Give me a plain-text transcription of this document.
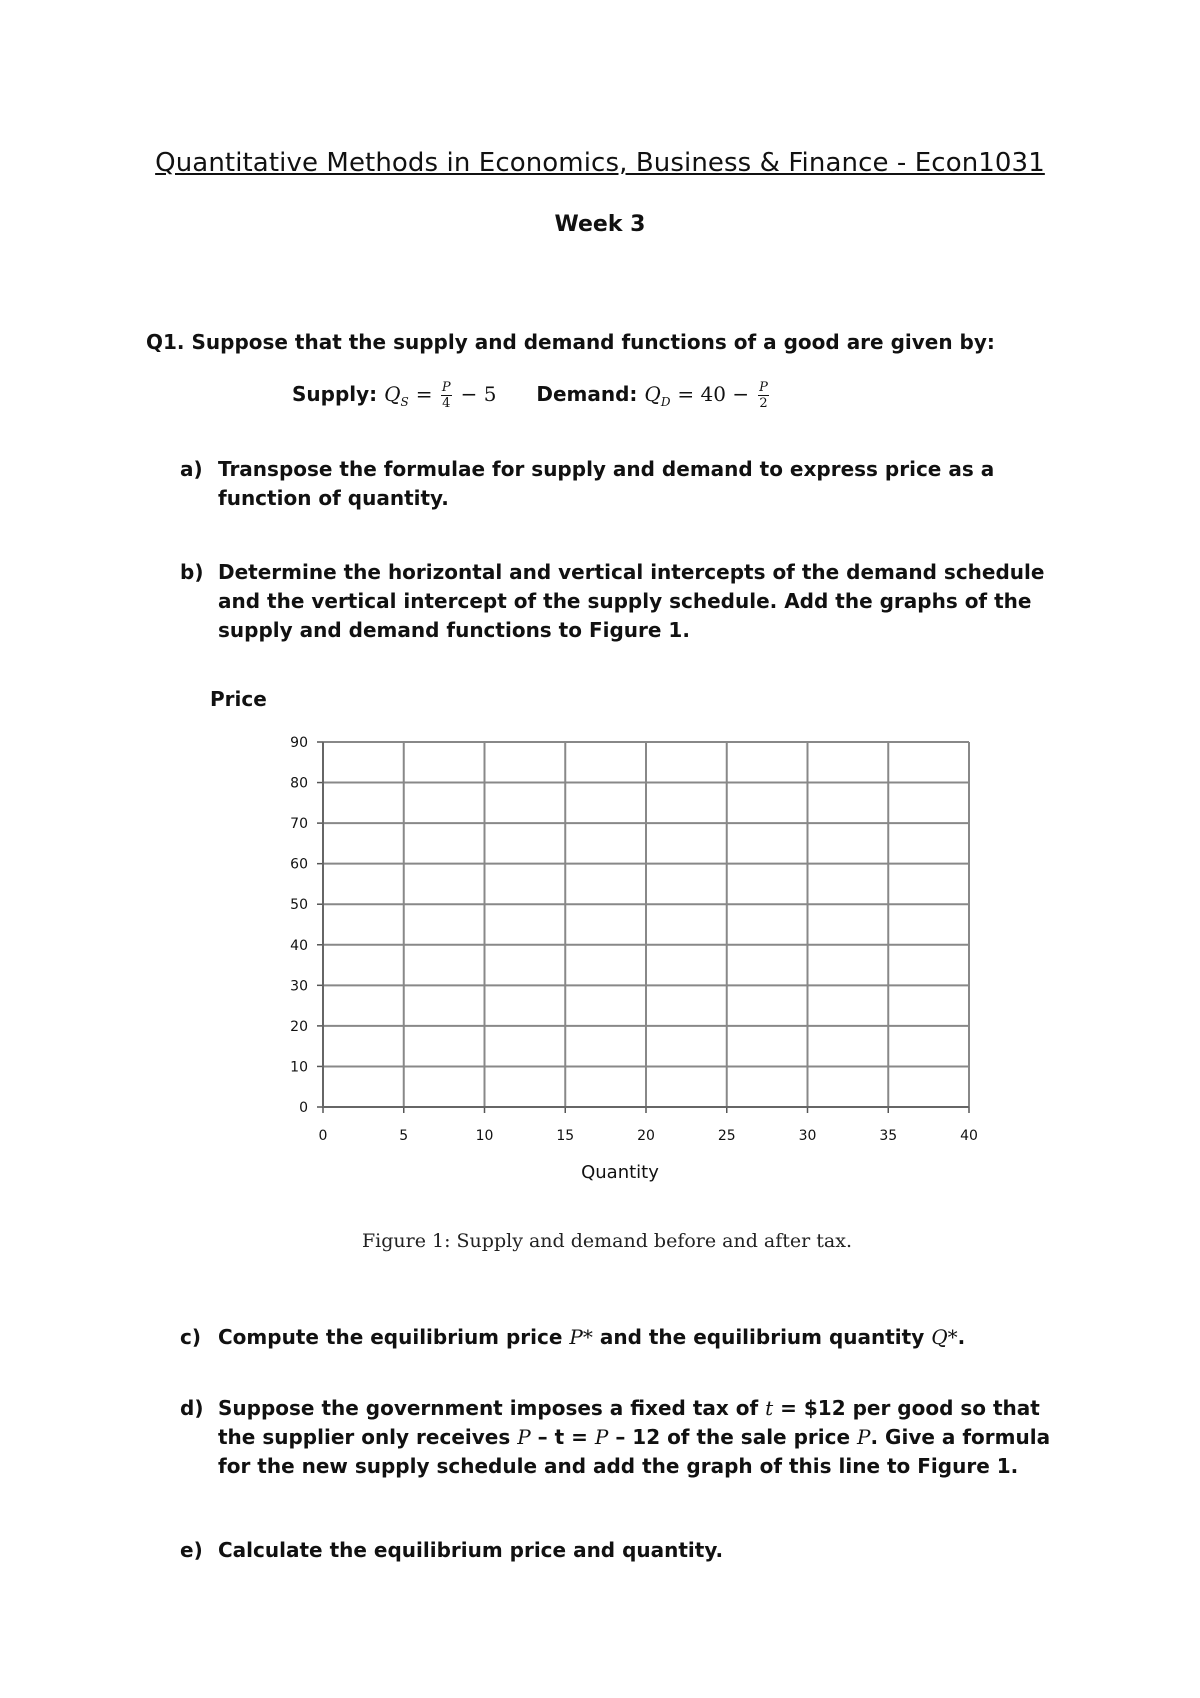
Quantitative Methods in Economics, Business & Finance - Econ1031
Week 3
Q1. Suppose that the supply and demand functions of a good are given by:
Supply: $Q_S = \frac{P}{4} - 5$ Demand: $Q_D = 40 - \frac{P}{2}$
a) Transpose the formulae for supply and demand to express price as a function of quantity.
b) Determine the horizontal and vertical intercepts of the demand schedule and the vertical intercept of the supply schedule. Add the graphs of the supply and demand functions to Figure 1.
Price
0
10
20
30
40
50
60
70
80
90
0	5	10	15	20	25	30	35	40
Quantity
Figure 1: Supply and demand before and after tax.
c) Compute the equilibrium price P* and the equilibrium quantity Q*.
d) Suppose the government imposes a fixed tax of t = $12 per good so that the supplier only receives P – t = P – 12 of the sale price P. Give a formula for the new supply schedule and add the graph of this line to Figure 1.
e) Calculate the equilibrium price and quantity.
